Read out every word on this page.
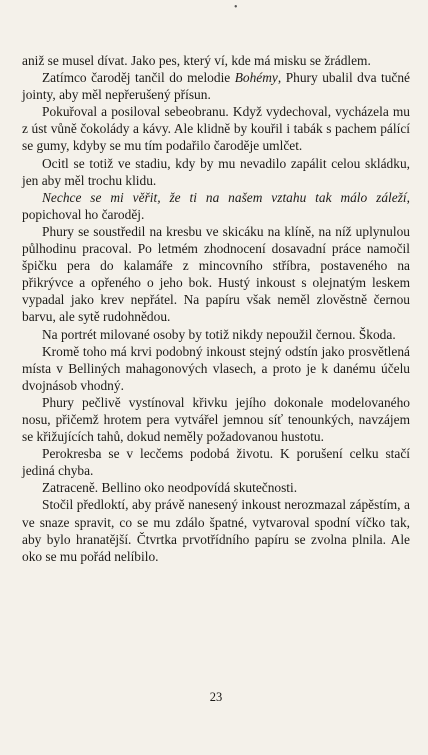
•

aniž se musel dívat. Jako pes, který ví, kde má misku se žrádlem.

Zatímco čaroděj tančil do melodie Bohémy, Phury ubalil dva tučné jointy, aby měl nepřerušený přísun.

Pokuřoval a posiloval sebeobranu. Když vydechoval, vycházela mu z úst vůně čokolády a kávy. Ale klidně by kouřil i tabák s pachem pálící se gumy, kdyby se mu tím podařilo čaroděje umlčet.

Ocitl se totiž ve stadiu, kdy by mu nevadilo zapálit celou skládku, jen aby měl trochu klidu.

Nechce se mi věřit, že ti na našem vztahu tak málo záleží, popichoval ho čaroděj.

Phury se soustředil na kresbu ve skicáku na klíně, na níž uplynulou půlhodinu pracoval. Po letmém zhodnocení dosavadní práce namočil špičku pera do kalamáře z mincovního stříbra, postaveného na přikrývce a opřeného o jeho bok. Hustý inkoust s olejnatým leskem vypadal jako krev nepřátel. Na papíru však neměl zlověstně černou barvu, ale sytě rudohnědou.

Na portrét milované osoby by totiž nikdy nepoužil černou. Škoda.

Kromě toho má krvi podobný inkoust stejný odstín jako prosvětlená místa v Belliných mahagonových vlasech, a proto je k danému účelu dvojnásob vhodný.

Phury pečlivě vystínoval křivku jejího dokonale modelovaného nosu, přičemž hrotem pera vytvářel jemnou síť tenounkých, navzájem se křižujících tahů, dokud neměly požadovanou hustotu.

Perokresba se v lecčems podobá životu. K porušení celku stačí jediná chyba.

Zatraceně. Bellino oko neodpovídá skutečnosti.

Stočil předloktí, aby právě nanesený inkoust nerozmazal zápěstím, a ve snaze spravit, co se mu zdálo špatné, vytvaroval spodní víčko tak, aby bylo hranatější. Čtvrtka prvotřídního papíru se zvolna plnila. Ale oko se mu pořád nelíbilo.

23
